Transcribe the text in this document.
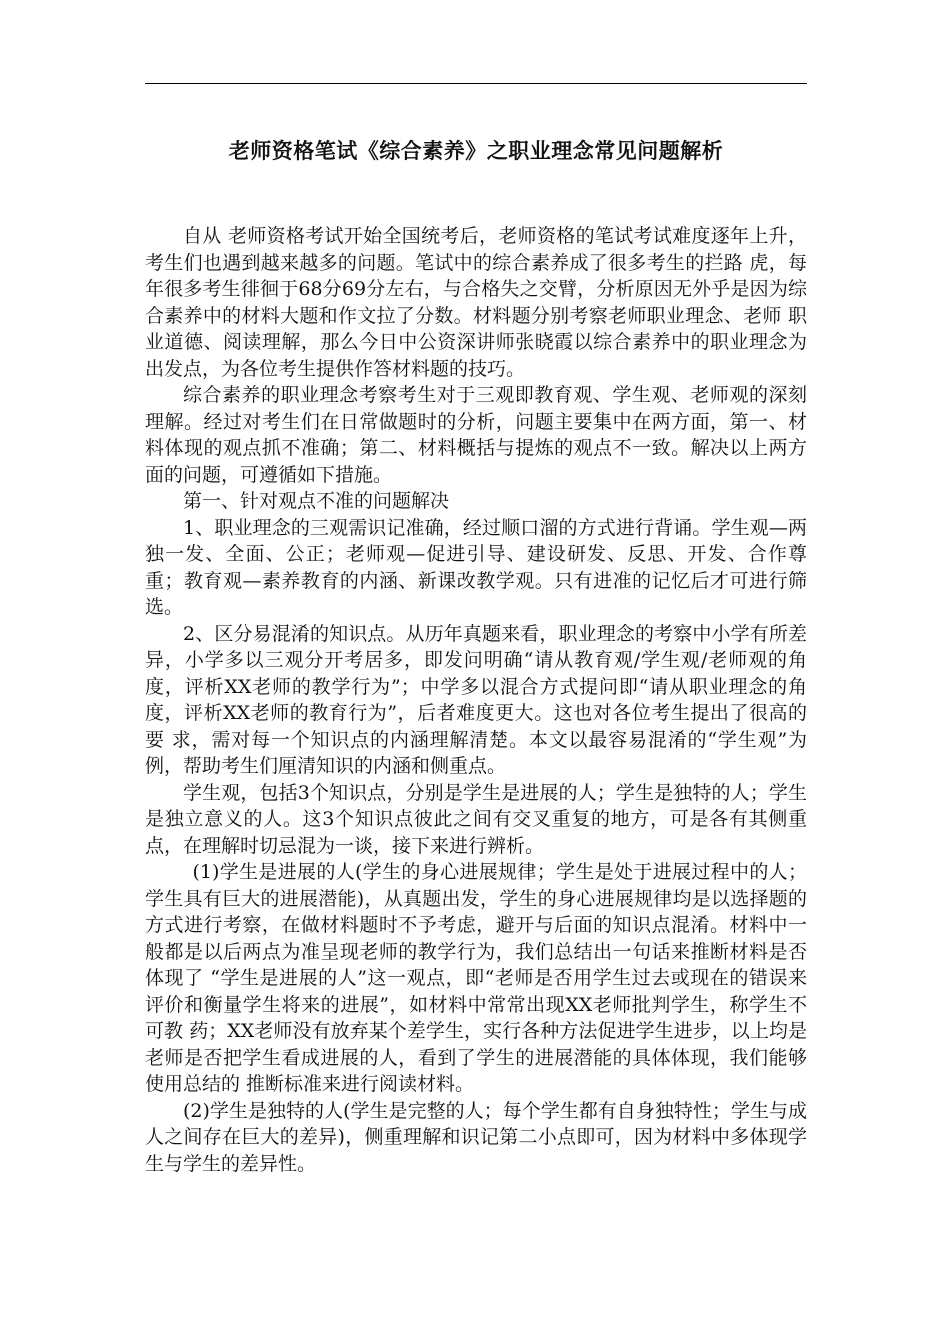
老师资格笔试《综合素养》之职业理念常见问题解析

自从 老师资格考试开始全国统考后，老师资格的笔试考试难度逐年上升，考生们也遇到越来越多的问题。笔试中的综合素养成了很多考生的拦路 虎，每年很多考生徘徊于68分69分左右，与合格失之交臂，分析原因无外乎是因为综合素养中的材料大题和作文拉了分数。材料题分别考察老师职业理念、老师 职业道德、阅读理解，那么今日中公资深讲师张晓霞以综合素养中的职业理念为出发点，为各位考生提供作答材料题的技巧。

综合素养的职业理念考察考生对于三观即教育观、学生观、老师观的深刻理解。经过对考生们在日常做题时的分析，问题主要集中在两方面，第一、材料体现的观点抓不准确；第二、材料概括与提炼的观点不一致。解决以上两方面的问题，可遵循如下措施。

第一、针对观点不准的问题解决

1、职业理念的三观需识记准确，经过顺口溜的方式进行背诵。学生观—两独一发、全面、公正；老师观—促进引导、建设研发、反思、开发、合作尊重；教育观—素养教育的内涵、新课改教学观。只有进准的记忆后才可进行筛选。

2、区分易混淆的知识点。从历年真题来看，职业理念的考察中小学有所差异，小学多以三观分开考居多，即发问明确“请从教育观/学生观/老师观的角 度，评析XX老师的教学行为”；中学多以混合方式提问即“请从职业理念的角度，评析XX老师的教育行为”，后者难度更大。这也对各位考生提出了很高的要 求，需对每一个知识点的内涵理解清楚。本文以最容易混淆的“学生观”为例，帮助考生们厘清知识的内涵和侧重点。

学生观，包括3个知识点，分别是学生是进展的人；学生是独特的人；学生是独立意义的人。这3个知识点彼此之间有交叉重复的地方，可是各有其侧重点，在理解时切忌混为一谈，接下来进行辨析。

(1)学生是进展的人(学生的身心进展规律；学生是处于进展过程中的人；学生具有巨大的进展潜能)，从真题出发，学生的身心进展规律均是以选择题的 方式进行考察，在做材料题时不予考虑，避开与后面的知识点混淆。材料中一般都是以后两点为准呈现老师的教学行为，我们总结出一句话来推断材料是否体现了 “学生是进展的人”这一观点，即“老师是否用学生过去或现在的错误来评价和衡量学生将来的进展”，如材料中常常出现XX老师批判学生，称学生不可教 药；XX老师没有放弃某个差学生，实行各种方法促进学生进步，以上均是老师是否把学生看成进展的人，看到了学生的进展潜能的具体体现，我们能够使用总结的 推断标准来进行阅读材料。

(2)学生是独特的人(学生是完整的人；每个学生都有自身独特性；学生与成人之间存在巨大的差异)，侧重理解和识记第二小点即可，因为材料中多体现学生与学生的差异性。
